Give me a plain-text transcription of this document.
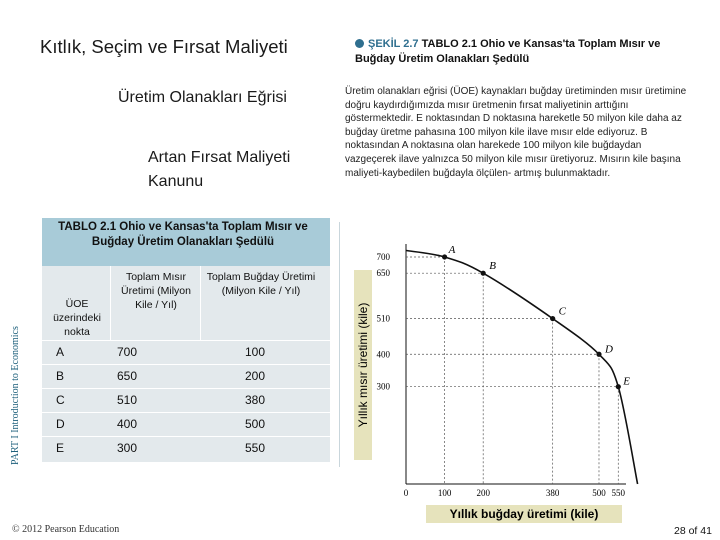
Kıtlık, Seçim ve Fırsat Maliyeti
Üretim Olanakları Eğrisi
Artan Fırsat Maliyeti Kanunu
ŞEKİL 2.7 TABLO 2.1 Ohio ve Kansas'ta Toplam Mısır ve Buğday Üretim Olanakları Şedülü
Üretim olanakları eğrisi (ÜOE) kaynakları buğday üretiminden mısır üretimine doğru kaydırdığımızda mısır üretmenin fırsat maliyetinin arttığını göstermektedir. E noktasından D noktasına hareketle 50 milyon kile daha az buğday üretme pahasına 100 milyon kile ilave mısır elde ediyoruz. B noktasından A noktasına olan harekede 100 milyon kile buğdaydan vazgeçerek ilave yalnızca 50 milyon kile mısır üretiyoruz. Mısırın kile başına maliyeti-kaybedilen buğdayla ölçülen- artmış bulunmaktadır.
TABLO 2.1 Ohio ve Kansas'ta Toplam Mısır ve Buğday Üretim Olanakları Şedülü
ÜOE üzerindeki nokta
Toplam Mısır Üretimi (Milyon Kile / Yıl)
Toplam Buğday Üretimi (Milyon Kile / Yıl)
A	700	100
B	650	200
C	510	380
D	400	500
E	300	550
PART I Introduction to Economics
A
B
C
D
E
700
650
510
400
300
0	100	200	380	500 550
Yıllık mısır üretimi (kile)
Yıllık buğday üretimi (kile)
© 2012 Pearson Education	28 of 41
